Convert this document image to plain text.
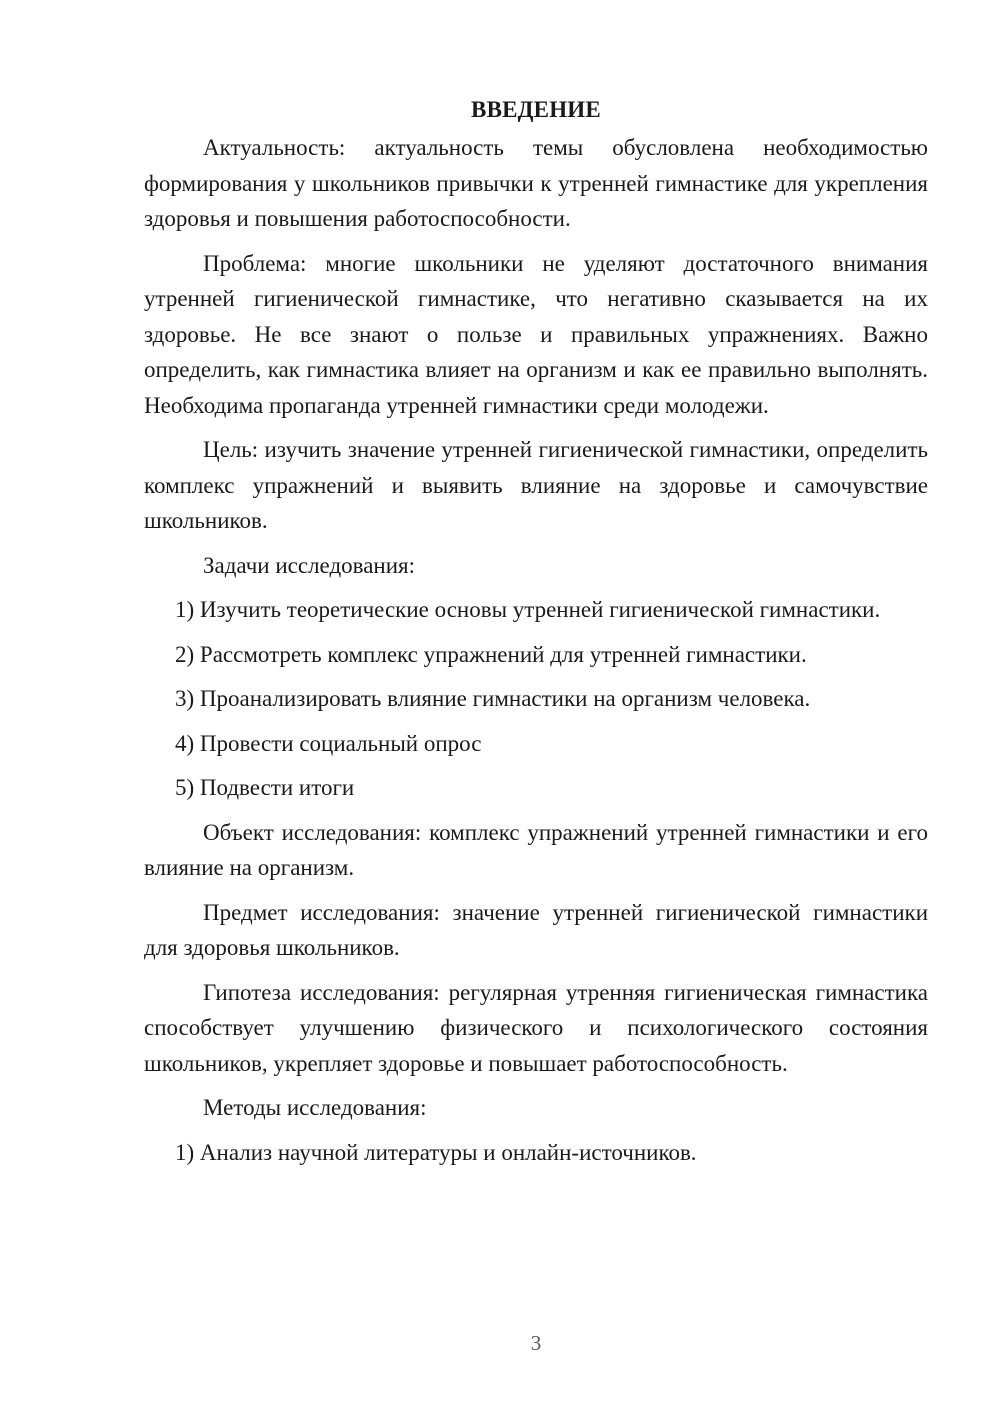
ВВЕДЕНИЕ

Актуальность: актуальность темы обусловлена необходимостью формирования у школьников привычки к утренней гимнастике для укрепления здоровья и повышения работоспособности.

Проблема: многие школьники не уделяют достаточного внимания утренней гигиенической гимнастике, что негативно сказывается на их здоровье. Не все знают о пользе и правильных упражнениях. Важно определить, как гимнастика влияет на организм и как ее правильно выполнять. Необходима пропаганда утренней гимнастики среди молодежи.

Цель: изучить значение утренней гигиенической гимнастики, определить комплекс упражнений и выявить влияние на здоровье и самочувствие школьников.

Задачи исследования:

1) Изучить теоретические основы утренней гигиенической гимнастики.

2) Рассмотреть комплекс упражнений для утренней гимнастики.

3) Проанализировать влияние гимнастики на организм человека.

4) Провести социальный опрос

5) Подвести итоги

Объект исследования: комплекс упражнений утренней гимнастики и его влияние на организм.

Предмет исследования: значение утренней гигиенической гимнастики для здоровья школьников.

Гипотеза исследования: регулярная утренняя гигиеническая гимнастика способствует улучшению физического и психологического состояния школьников, укрепляет здоровье и повышает работоспособность.

Методы исследования:

1) Анализ научной литературы и онлайн-источников.

3
